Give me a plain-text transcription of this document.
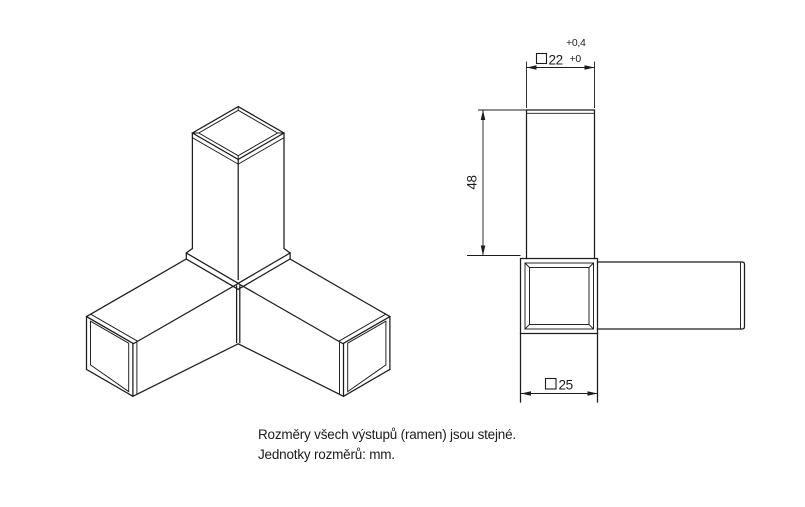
22
+0,4
+0
48
25
Rozměry všech výstupů (ramen) jsou stejné.
Jednotky rozměrů: mm.
